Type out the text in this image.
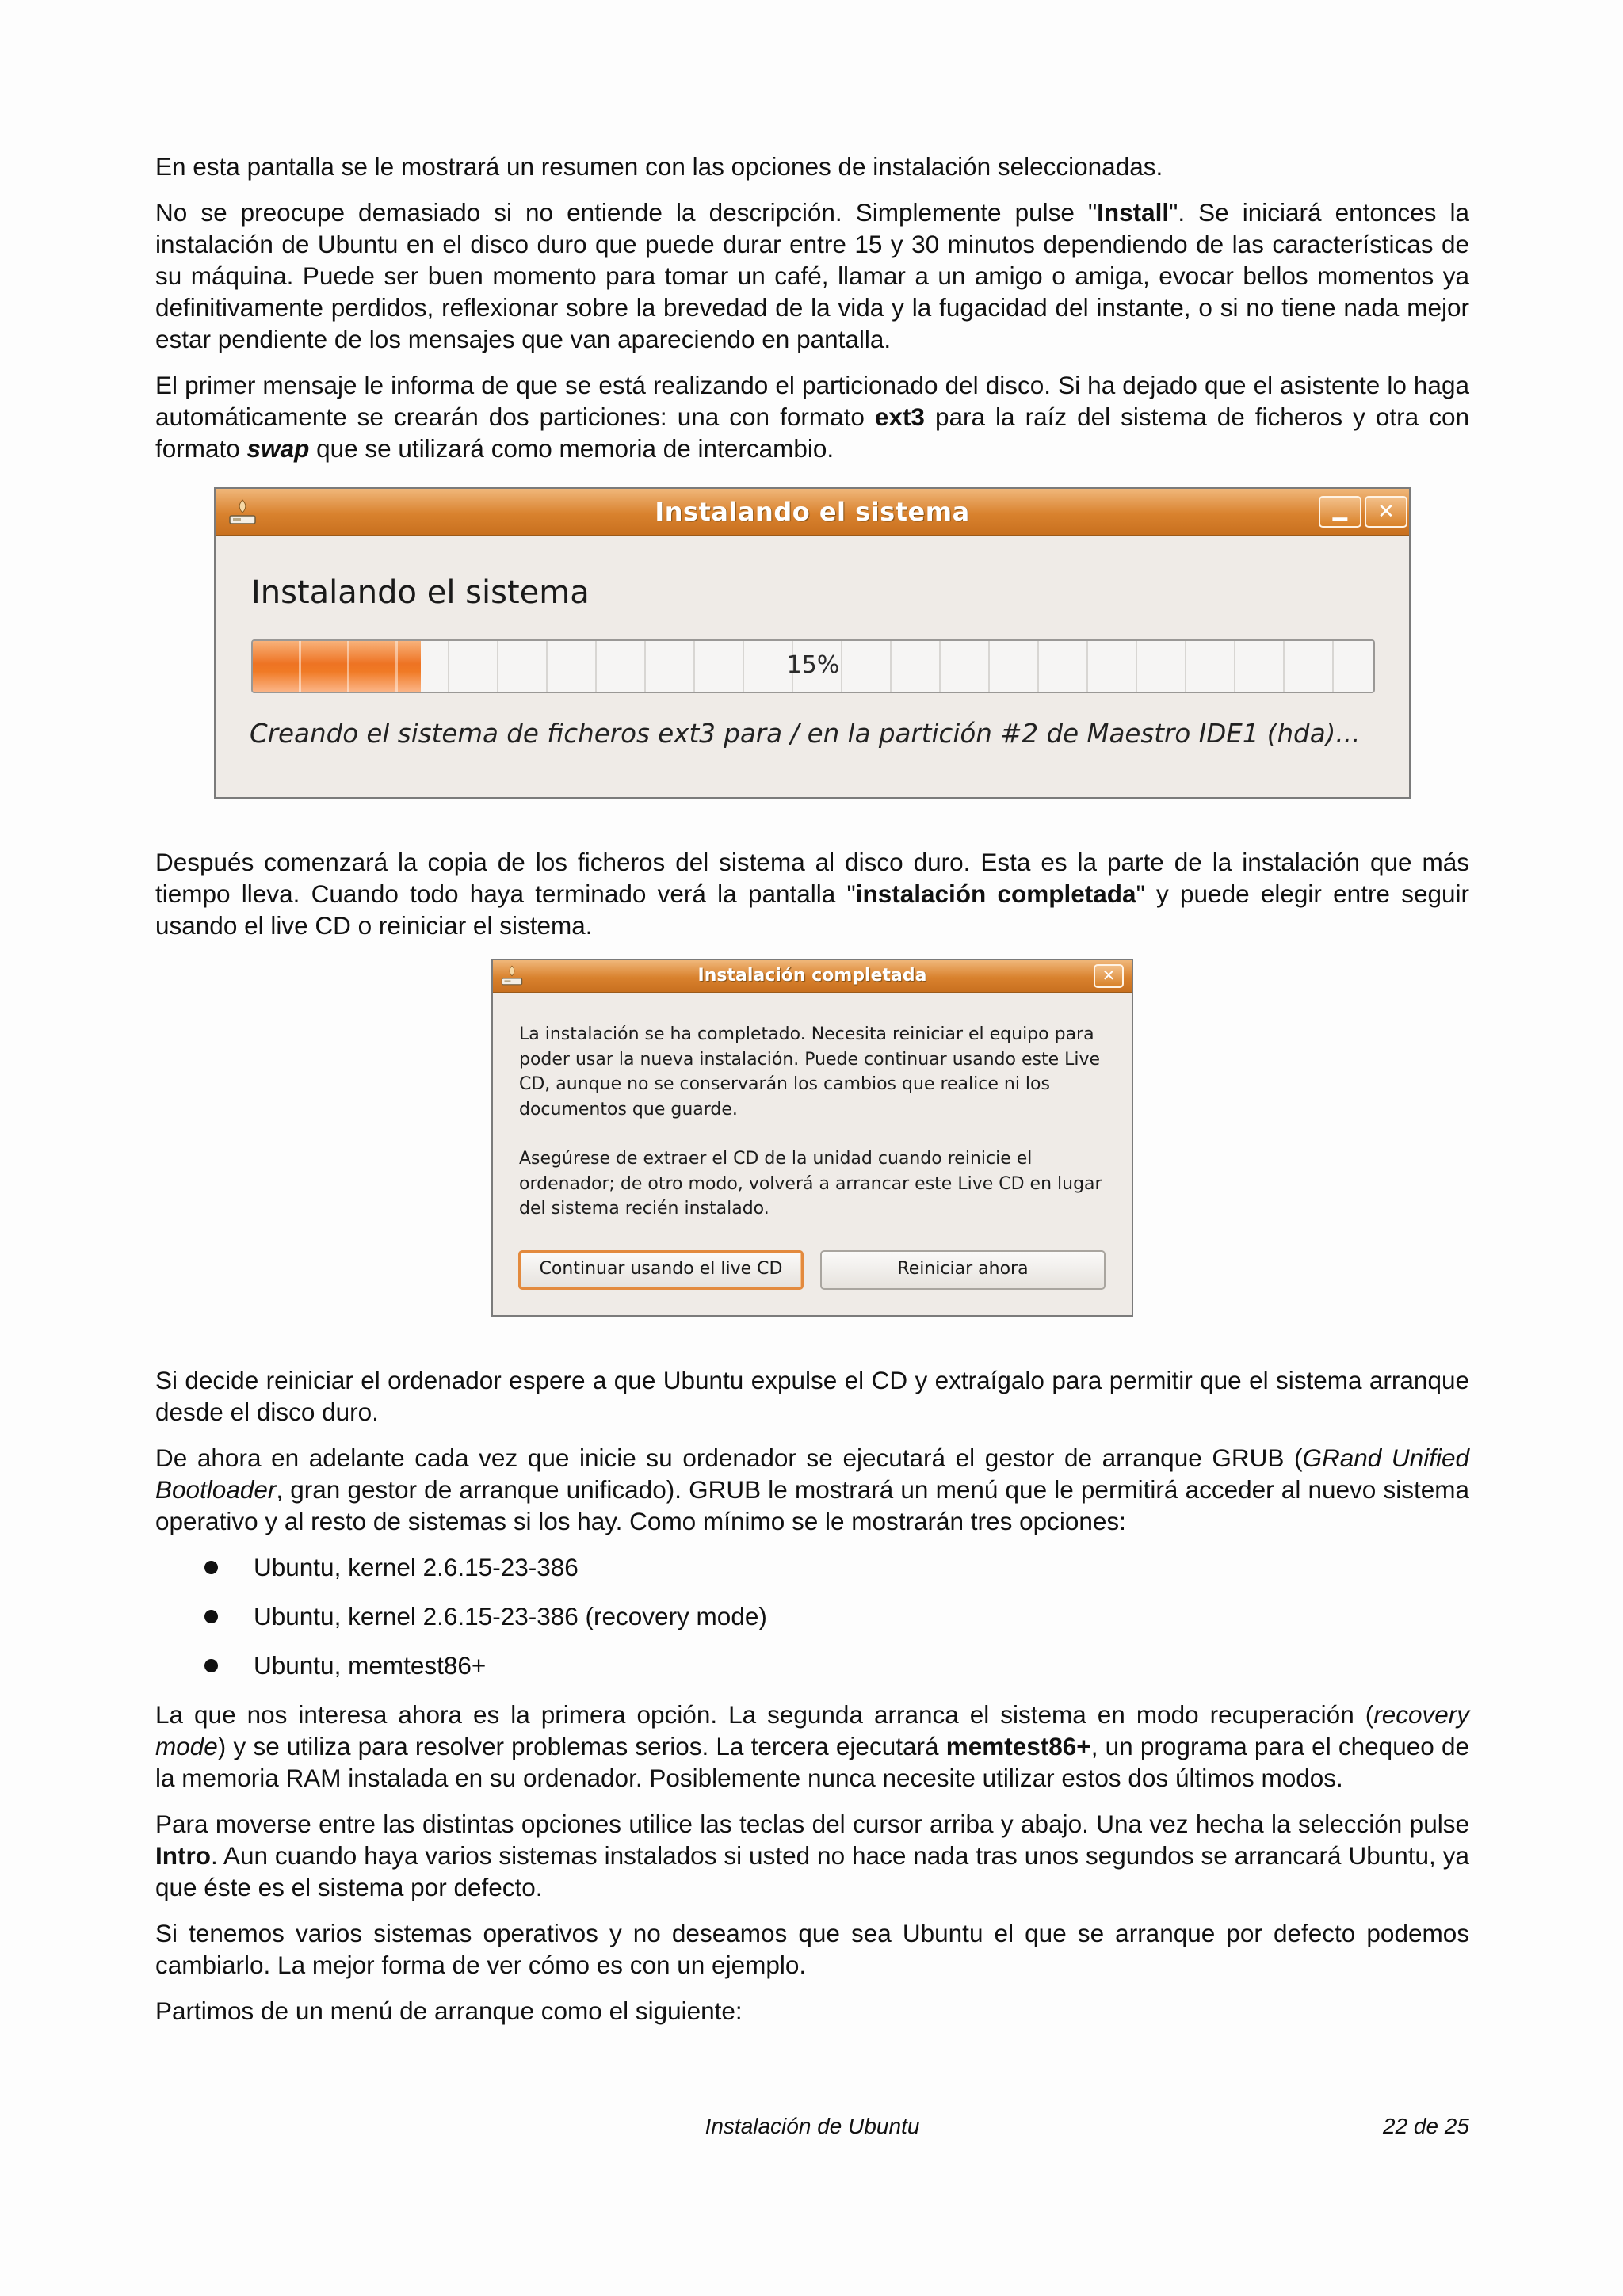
En esta pantalla se le mostrará un resumen con las opciones de instalación seleccionadas.

No se preocupe demasiado si no entiende la descripción. Simplemente pulse "Install". Se iniciará entonces la instalación de Ubuntu en el disco duro que puede durar entre 15 y 30 minutos dependiendo de las características de su máquina. Puede ser buen momento para tomar un café, llamar a un amigo o amiga, evocar bellos momentos ya definitivamente perdidos, reflexionar sobre la brevedad de la vida y la fugacidad del instante, o si no tiene nada mejor estar pendiente de los mensajes que van apareciendo en pantalla.

El primer mensaje le informa de que se está realizando el particionado del disco. Si ha dejado que el asistente lo haga automáticamente se crearán dos particiones: una con formato ext3 para la raíz del sistema de ficheros y otra con formato swap que se utilizará como memoria de intercambio.

Instalando el sistema	▁	✕
Instalando el sistema
15%
Creando el sistema de ficheros ext3 para / en la partición #2 de Maestro IDE1 (hda)...

Después comenzará la copia de los ficheros del sistema al disco duro. Esta es la parte de la instalación que más tiempo lleva. Cuando todo haya terminado verá la pantalla "instalación completada" y puede elegir entre seguir usando el live CD o reiniciar el sistema.

Instalación completada	✕

La instalación se ha completado. Necesita reiniciar el equipo para poder usar la nueva instalación. Puede continuar usando este Live CD, aunque no se conservarán los cambios que realice ni los documentos que guarde.

Asegúrese de extraer el CD de la unidad cuando reinicie el ordenador; de otro modo, volverá a arrancar este Live CD en lugar del sistema recién instalado.

Continuar usando el live CD	Reiniciar ahora

Si decide reiniciar el ordenador espere a que Ubuntu expulse el CD y extraígalo para permitir que el sistema arranque desde el disco duro.

De ahora en adelante cada vez que inicie su ordenador se ejecutará el gestor de arranque GRUB (GRand Unified Bootloader, gran gestor de arranque unificado). GRUB le mostrará un menú que le permitirá acceder al nuevo sistema operativo y al resto de sistemas si los hay. Como mínimo se le mostrarán tres opciones:

Ubuntu, kernel 2.6.15-23-386
Ubuntu, kernel 2.6.15-23-386 (recovery mode)
Ubuntu, memtest86+

La que nos interesa ahora es la primera opción. La segunda arranca el sistema en modo recuperación (recovery mode) y se utiliza para resolver problemas serios. La tercera ejecutará memtest86+, un programa para el chequeo de la memoria RAM instalada en su ordenador. Posiblemente nunca necesite utilizar estos dos últimos modos.

Para moverse entre las distintas opciones utilice las teclas del cursor arriba y abajo. Una vez hecha la selección pulse Intro. Aun cuando haya varios sistemas instalados si usted no hace nada tras unos segundos se arrancará Ubuntu, ya que éste es el sistema por defecto.

Si tenemos varios sistemas operativos y no deseamos que sea Ubuntu el que se arranque por defecto podemos cambiarlo. La mejor forma de ver cómo es con un ejemplo.

Partimos de un menú de arranque como el siguiente:

Instalación de Ubuntu	22 de 25
